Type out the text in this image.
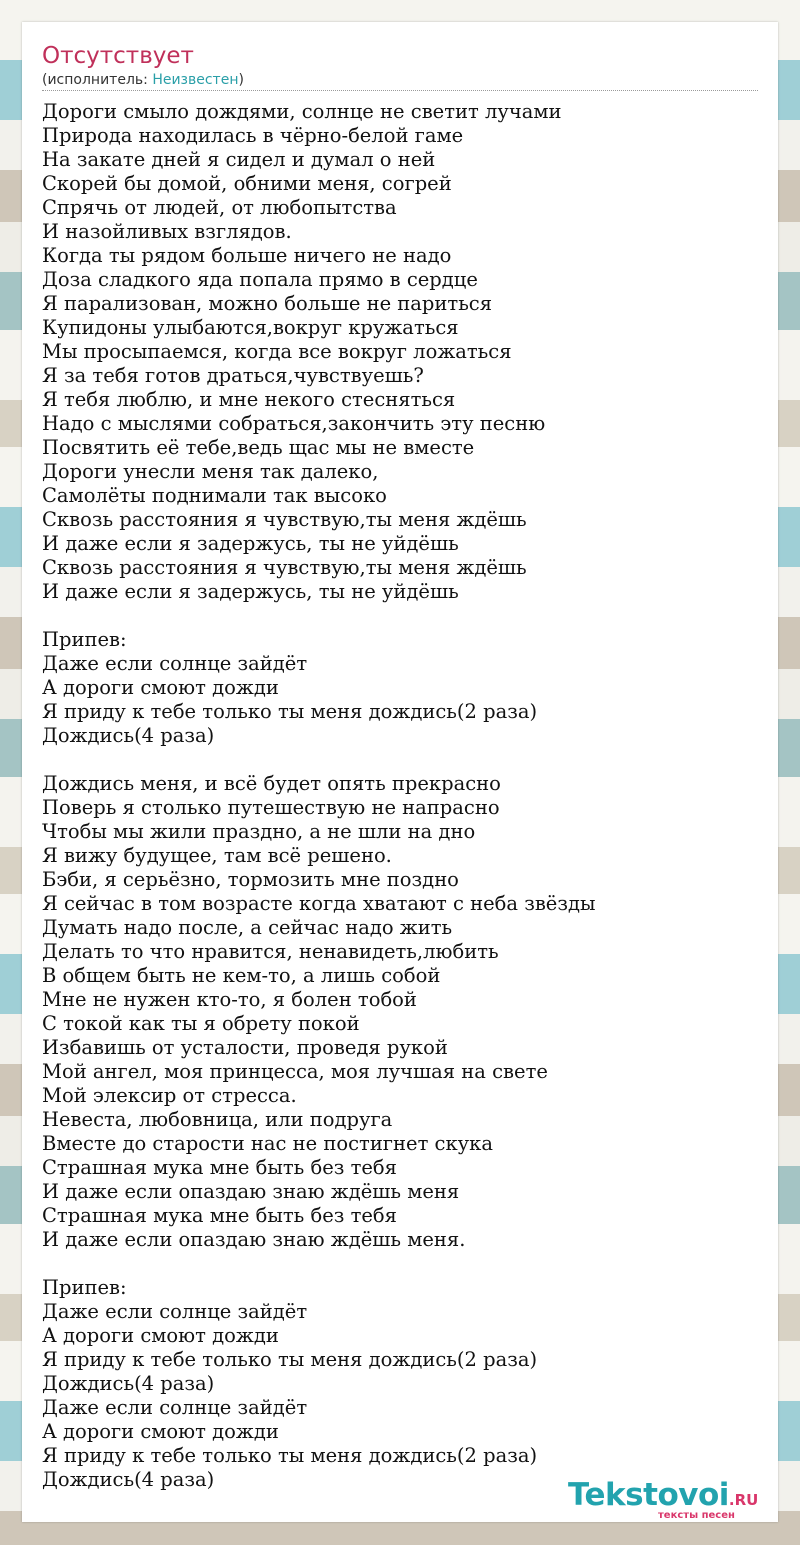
Отсутствует
(исполнитель: Неизвестен)
Дороги смыло дождями, солнце не светит лучами
Природа находилась в чёрно-белой гаме
На закате дней я сидел и думал о ней
Скорей бы домой, обними меня, согрей
Спрячь от людей, от любопытства
И назойливых взглядов.
Когда ты рядом больше ничего не надо
Доза сладкого яда попала прямо в сердце
Я парализован, можно больше не париться
Купидоны улыбаются,вокруг кружаться
Мы просыпаемся, когда все вокруг ложаться
Я за тебя готов драться,чувствуешь?
Я тебя люблю, и мне некого стесняться
Надо с мыслями собраться,закончить эту песню
Посвятить её тебе,ведь щас мы не вместе
Дороги унесли меня так далеко,
Самолёты поднимали так высоко
Сквозь расстояния я чувствую,ты меня ждёшь
И даже если я задержусь, ты не уйдёшь
Сквозь расстояния я чувствую,ты меня ждёшь
И даже если я задержусь, ты не уйдёшь

Припев:
Даже если солнце зайдёт
А дороги смоют дожди
Я приду к тебе только ты меня дождись(2 раза)
Дождись(4 раза)

Дождись меня, и всё будет опять прекрасно
Поверь я столько путешествую не напрасно
Чтобы мы жили праздно, а не шли на дно
Я вижу будущее, там всё решено.
Бэби, я серьёзно, тормозить мне поздно
Я сейчас в том возрасте когда хватают с неба звёзды
Думать надо после, а сейчас надо жить
Делать то что нравится, ненавидеть,любить
В общем быть не кем-то, а лишь собой
Мне не нужен кто-то, я болен тобой
С токой как ты я обрету покой
Избавишь от усталости, проведя рукой
Мой ангел, моя принцесса, моя лучшая на свете
Мой элексир от стресса.
Невеста, любовница, или подруга
Вместе до старости нас не постигнет скука
Страшная мука мне быть без тебя
И даже если опаздаю знаю ждёшь меня
Страшная мука мне быть без тебя
И даже если опаздаю знаю ждёшь меня.

Припев:
Даже если солнце зайдёт
А дороги смоют дожди
Я приду к тебе только ты меня дождись(2 раза)
Дождись(4 раза)
Даже если солнце зайдёт
А дороги смоют дожди
Я приду к тебе только ты меня дождись(2 раза)
Дождись(4 раза)	Tekstovoi.RU
тексты песен
